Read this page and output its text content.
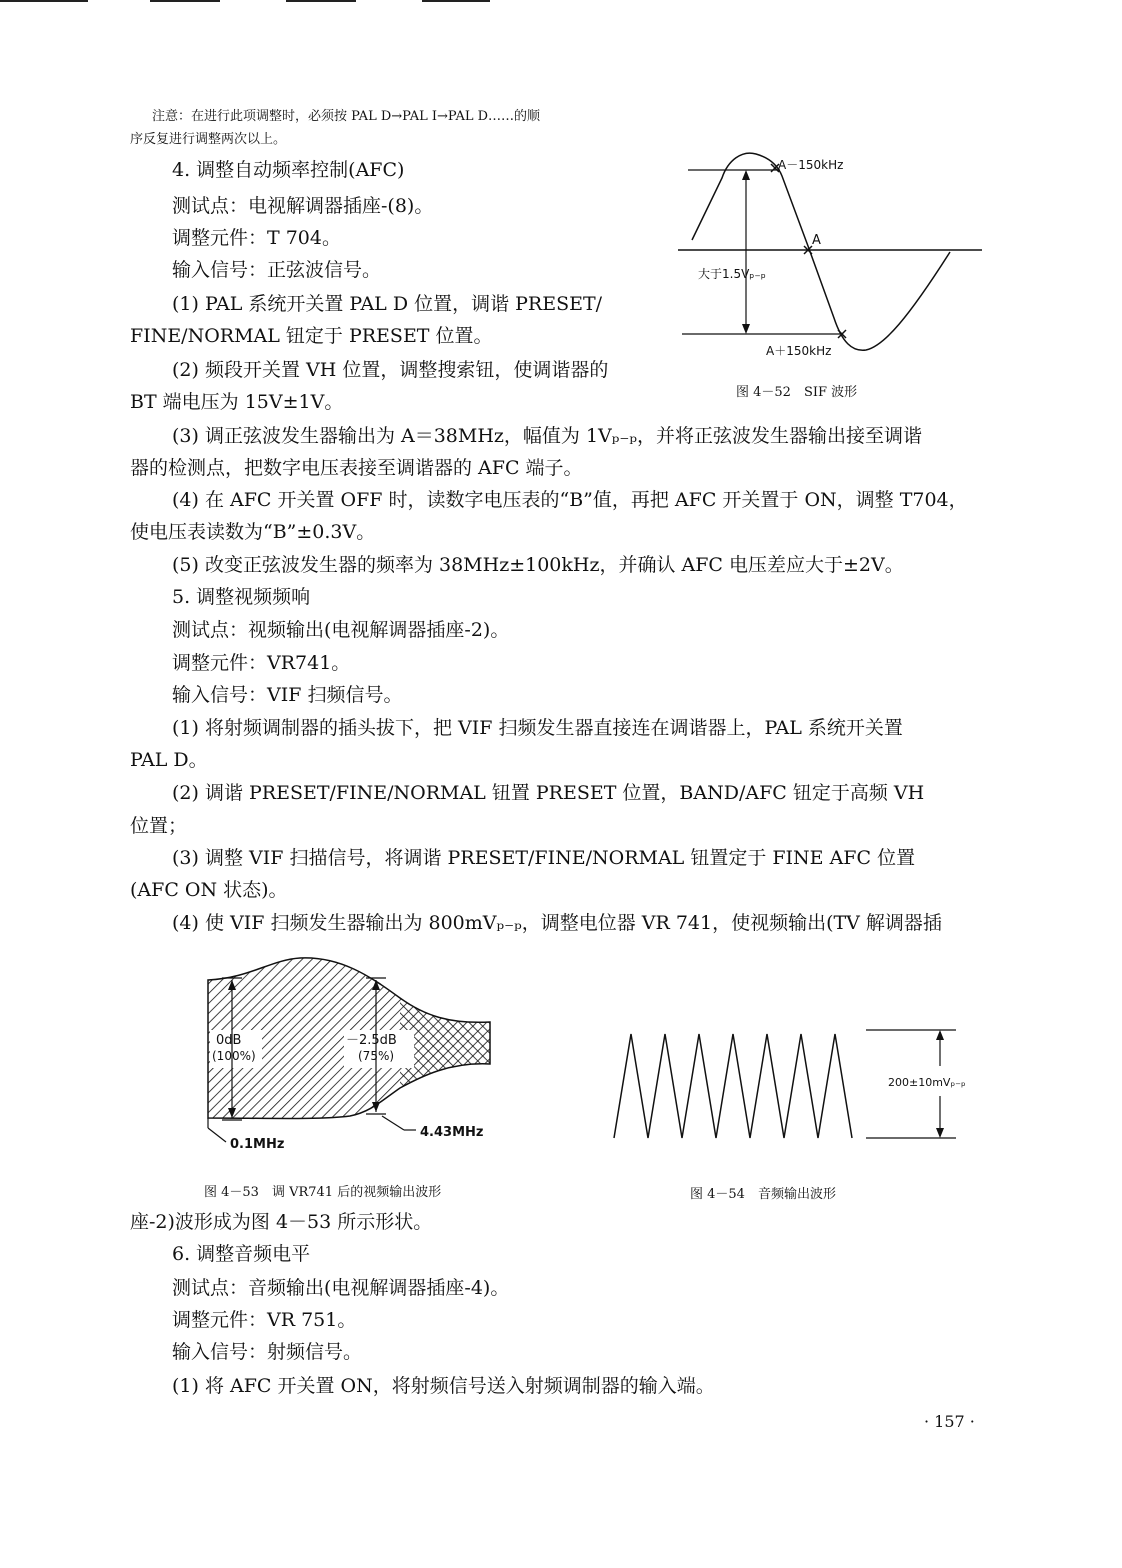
注意：在进行此项调整时，必须按 PAL D→PAL I→PAL D……的顺
序反复进行调整两次以上。
4. 调整自动频率控制(AFC)
测试点：电视解调器插座-(8)。
调整元件：T 704。
输入信号：正弦波信号。
(1) PAL 系统开关置 PAL D 位置，调谐 PRESET/
FINE/NORMAL 钮定于 PRESET 位置。
(2) 频段开关置 VH 位置，调整搜索钮，使调谐器的
BT 端电压为 15V±1V。
(3) 调正弦波发生器输出为 A＝38MHz，幅值为 1Vₚ₋ₚ，并将正弦波发生器输出接至调谐
器的检测点，把数字电压表接至调谐器的 AFC 端子。
(4) 在 AFC 开关置 OFF 时，读数字电压表的“B”值，再把 AFC 开关置于 ON，调整 T704，
使电压表读数为“B”±0.3V。
(5) 改变正弦波发生器的频率为 38MHz±100kHz，并确认 AFC 电压差应大于±2V。
A－150kHz
A
A＋150kHz
大于1.5Vₚ₋ₚ
图 4－52　SIF 波形
5. 调整视频频响
测试点：视频输出(电视解调器插座-2)。
调整元件：VR741。
输入信号：VIF 扫频信号。
(1) 将射频调制器的插头拔下，把 VIF 扫频发生器直接连在调谐器上，PAL 系统开关置
PAL D。
(2) 调谐 PRESET/FINE/NORMAL 钮置 PRESET 位置，BAND/AFC 钮定于高频 VH
位置；
(3) 调整 VIF 扫描信号，将调谐 PRESET/FINE/NORMAL 钮置定于 FINE AFC 位置
(AFC ON 状态)。
(4) 使 VIF 扫频发生器输出为 800mVₚ₋ₚ，调整电位器 VR 741，使视频输出(TV 解调器插
0dB
(100%)
－2.5dB
(75%)
0.1MHz
4.43MHz
图 4－53　调 VR741 后的视频输出波形
200±10mVₚ₋ₚ
图 4－54　音频输出波形
座-2)波形成为图 4－53 所示形状。
6. 调整音频电平
测试点：音频输出(电视解调器插座-4)。
调整元件：VR 751。
输入信号：射频信号。
(1) 将 AFC 开关置 ON，将射频信号送入射频调制器的输入端。
· 157 ·
